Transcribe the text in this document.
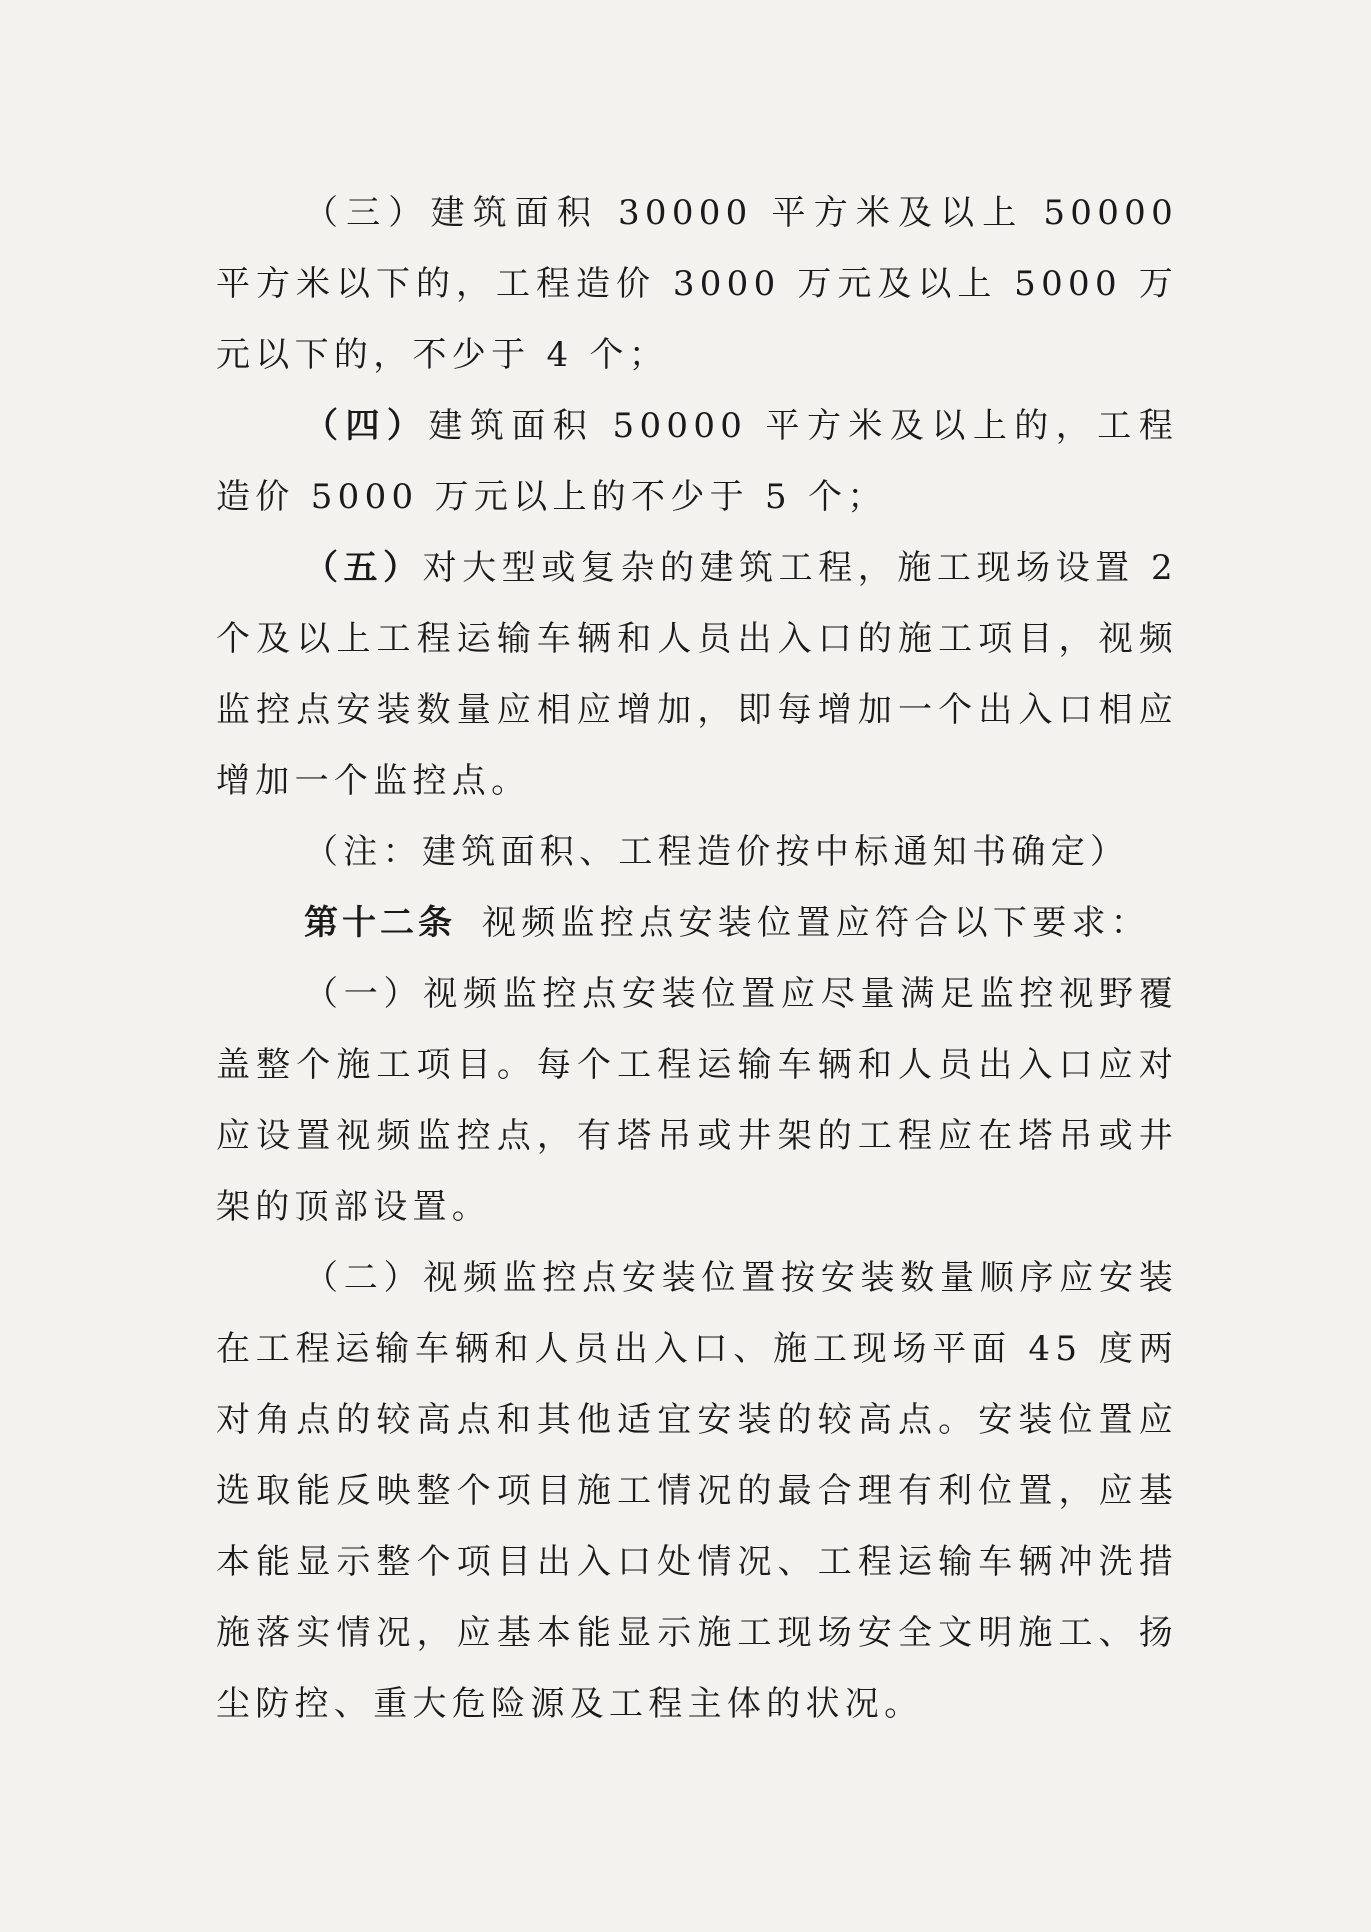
（三）建筑面积 30000 平方米及以上 50000 平方米以下的，工程造价 3000 万元及以上 5000 万元以下的，不少于 4 个；

（四）建筑面积 50000 平方米及以上的，工程造价 5000 万元以上的不少于 5 个；

（五）对大型或复杂的建筑工程，施工现场设置 2 个及以上工程运输车辆和人员出入口的施工项目，视频监控点安装数量应相应增加，即每增加一个出入口相应增加一个监控点。

（注：建筑面积、工程造价按中标通知书确定）

第十二条 视频监控点安装位置应符合以下要求：

（一）视频监控点安装位置应尽量满足监控视野覆盖整个施工项目。每个工程运输车辆和人员出入口应对应设置视频监控点，有塔吊或井架的工程应在塔吊或井架的顶部设置。

（二）视频监控点安装位置按安装数量顺序应安装在工程运输车辆和人员出入口、施工现场平面 45 度两对角点的较高点和其他适宜安装的较高点。安装位置应选取能反映整个项目施工情况的最合理有利位置，应基本能显示整个项目出入口处情况、工程运输车辆冲洗措施落实情况，应基本能显示施工现场安全文明施工、扬尘防控、重大危险源及工程主体的状况。
